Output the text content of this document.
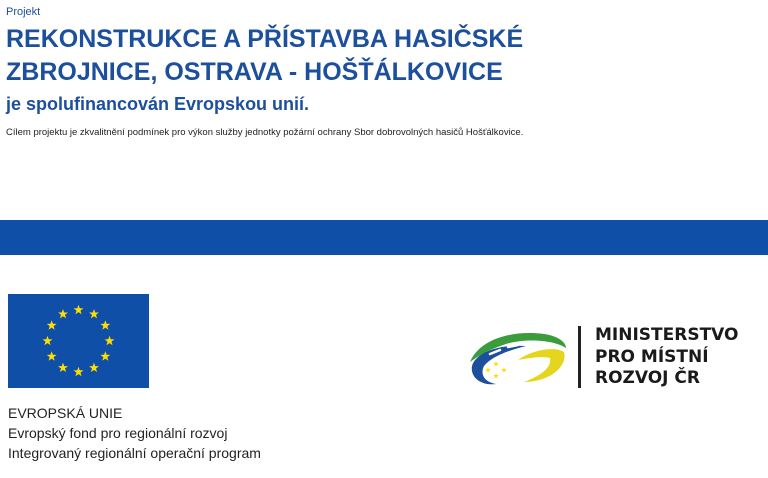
Projekt
REKONSTRUKCE A PŘÍSTAVBA HASIČSKÉ
ZBROJNICE, OSTRAVA - HOŠŤÁLKOVICE
je spolufinancován Evropskou unií.
Cílem projektu je zkvalitnění podmínek pro výkon služby jednotky požární ochrany Sbor dobrovolných hasičů Hošťálkovice.
EVROPSKÁ UNIE
Evropský fond pro regionální rozvoj
Integrovaný regionální operační program
MINISTERSTVO
PRO MÍSTNÍ
ROZVOJ ČR
